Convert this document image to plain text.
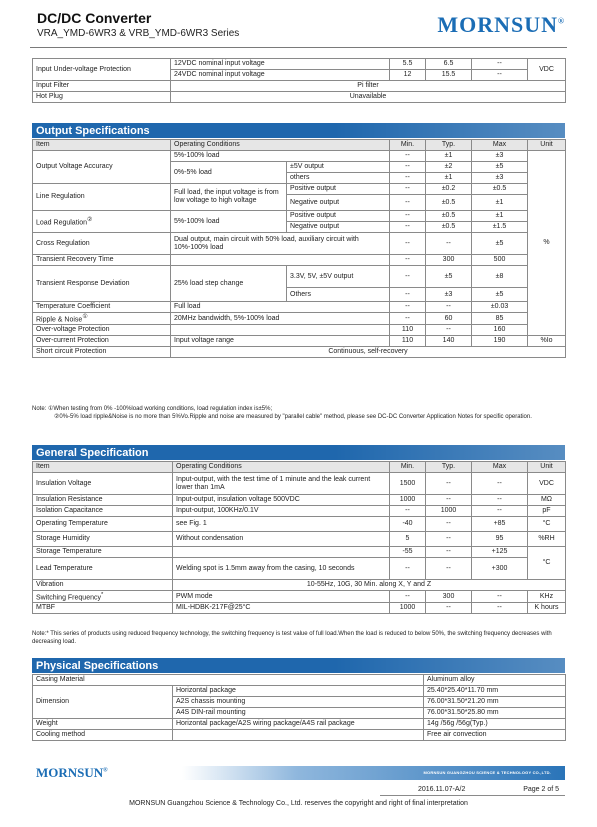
DC/DC Converter
VRA_YMD-6WR3 & VRB_YMD-6WR3 Series	MORNSUN®
Input Under-voltage Protection	12VDC nominal input voltage	5.5	6.5	--	VDC
	24VDC nominal input voltage	12	15.5	--	
Input Filter	Pi filter				
Hot Plug	Unavailable				
Output Specifications
Item	Operating Conditions		Min.	Typ.	Max	Unit
Output Voltage Accuracy	5%-100% load		--	±1	±3	%
	0%-5% load	±5V output	--	±2	±5	
		others	--	±1	±3	
Line Regulation	Full load, the input voltage is from low voltage to high voltage	Positive output	--	±0.2	±0.5	
		Negative output	--	±0.5	±1	
Load Regulation②	5%-100% load	Positive output	--	±0.5	±1	
		Negative output	--	±0.5	±1.5	
Cross Regulation	Dual output, main circuit with 50% load, auxiliary circuit with 10%-100% load		--	--	±5	
Transient Recovery Time			--	300	500	
Transient Response Deviation	25% load step change	3.3V, 5V, ±5V output	--	±5	±8	
		Others	--	±3	±5	
Temperature Coefficient	Full load		--	--	±0.03	
Ripple & Noise①	20MHz bandwidth, 5%-100% load		--	60	85	
Over-voltage Protection			110	--	160	
Over-current Protection	Input voltage range		110	140	190	%Io
Short circuit Protection	Continuous, self-recovery					
Note: ①When testing from 0% -100%load working conditions, load regulation index is±5%;
②0%-5% load ripple&Noise is no more than 5%Vo.Ripple and noise are measured by "parallel cable" method, please see DC-DC Converter Application Notes for specific operation.
General Specification
Item	Operating Conditions	Min.	Typ.	Max	Unit
Insulation Voltage	Input-output, with the test time of 1 minute and the leak current lower than 1mA	1500	--	--	VDC
Insulation Resistance	Input-output, insulation voltage 500VDC	1000	--	--	MΩ
Isolation Capacitance	Input-output, 100KHz/0.1V	--	1000	--	pF
Operating Temperature	see Fig. 1	-40	--	+85	°C
Storage Humidity	Without condensation	5	--	95	%RH
Storage Temperature		-55	--	+125	°C
Lead Temperature	Welding spot is 1.5mm away from the casing, 10 seconds	--	--	+300	
Vibration	10-55Hz, 10G, 30 Min. along X, Y and Z				
Switching Frequency*	PWM mode	--	300	--	KHz
MTBF	MIL-HDBK-217F@25°C	1000	--	--	K hours
Note:* This series of products using reduced frequency technology, the switching frequency is test value of full load.When the load is reduced to below 50%, the switching frequency decreases with decreasing load.
Physical Specifications
Casing Material		Aluminum alloy
Dimension	Horizontal package	25.40*25.40*11.70 mm
	A2S chassis mounting	76.00*31.50*21.20 mm
	A4S DIN-rail mounting	76.00*31.50*25.80 mm
Weight	Horizontal package/A2S wiring package/A4S rail package	14g /56g /56g(Typ.)
Cooling method		Free air convection
MORNSUN®	MORNSUN GUANGZHOU SCIENCE & TECHNOLOGY CO.,LTD.
2016.11.07-A/2	Page 2 of 5
MORNSUN Guangzhou Science & Technology Co., Ltd. reserves the copyright and right of final interpretation
